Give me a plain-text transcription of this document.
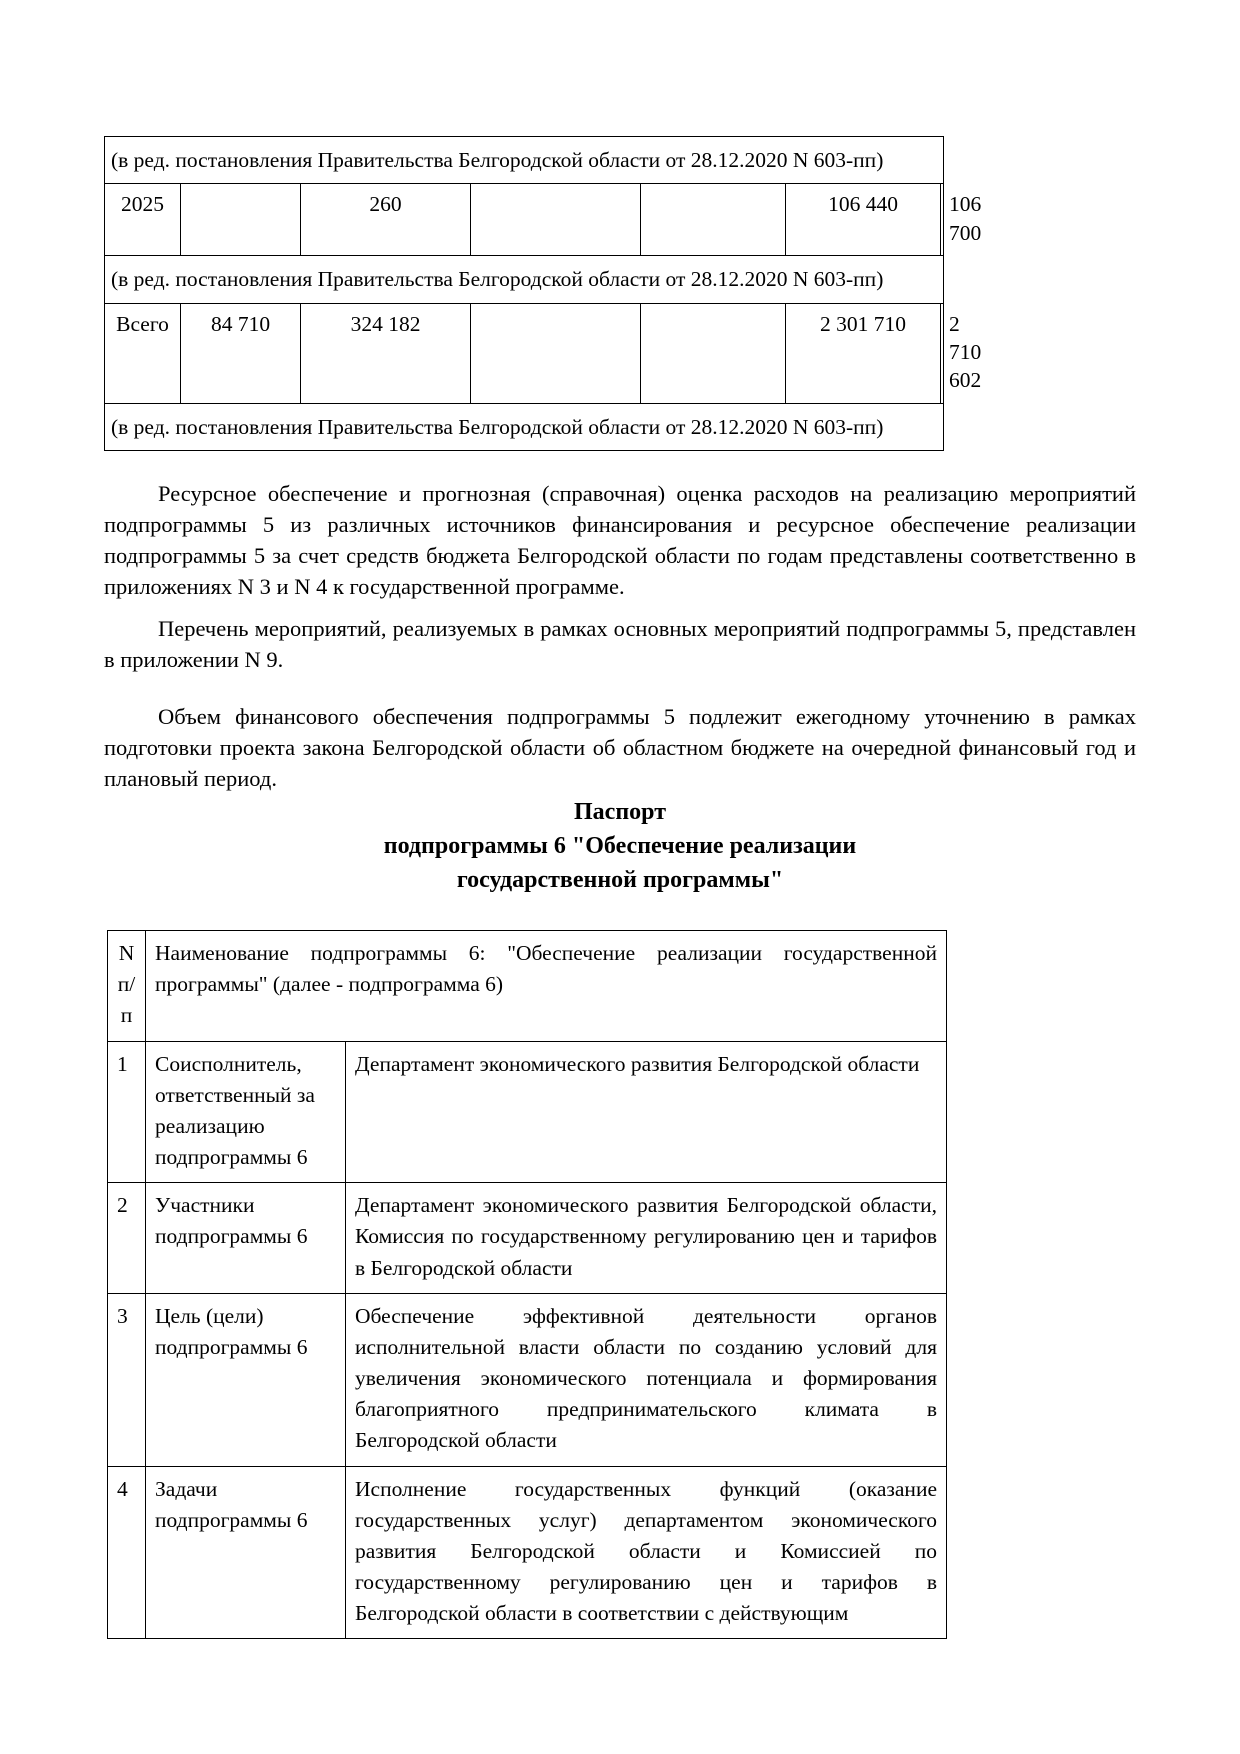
(в ред. постановления Правительства Белгородской области от 28.12.2020 N 603-пп)						
2025		260			106 440	106 700
(в ред. постановления Правительства Белгородской области от 28.12.2020 N 603-пп)						
Всего	84 710	324 182			2 301 710	2 710 602
(в ред. постановления Правительства Белгородской области от 28.12.2020 N 603-пп)						

Ресурсное обеспечение и прогнозная (справочная) оценка расходов на реализацию мероприятий подпрограммы 5 из различных источников финансирования и ресурсное обеспечение реализации подпрограммы 5 за счет средств бюджета Белгородской области по годам представлены соответственно в приложениях N 3 и N 4 к государственной программе.

Перечень мероприятий, реализуемых в рамках основных мероприятий подпрограммы 5, представлен в приложении N 9.

Объем финансового обеспечения подпрограммы 5 подлежит ежегодному уточнению в рамках подготовки проекта закона Белгородской области об областном бюджете на очередной финансовый год и плановый период.

Паспорт
подпрограммы 6 "Обеспечение реализации
государственной программы"
N
п/п	Наименование подпрограммы 6: "Обеспечение реализации государственной программы" (далее - подпрограмма 6)	
1	Соисполнитель, ответственный за реализацию подпрограммы 6	Департамент экономического развития Белгородской области
2	Участники подпрограммы 6	Департамент экономического развития Белгородской области, Комиссия по государственному регулированию цен и тарифов в Белгородской области
3	Цель (цели) подпрограммы 6	Обеспечение эффективной деятельности органов исполнительной власти области по созданию условий для увеличения экономического потенциала и формирования благоприятного предпринимательского климата в Белгородской области
4	Задачи подпрограммы 6	Исполнение государственных функций (оказание государственных услуг) департаментом экономического развития Белгородской области и Комиссией по государственному регулированию цен и тарифов в Белгородской области в соответствии с действующим
